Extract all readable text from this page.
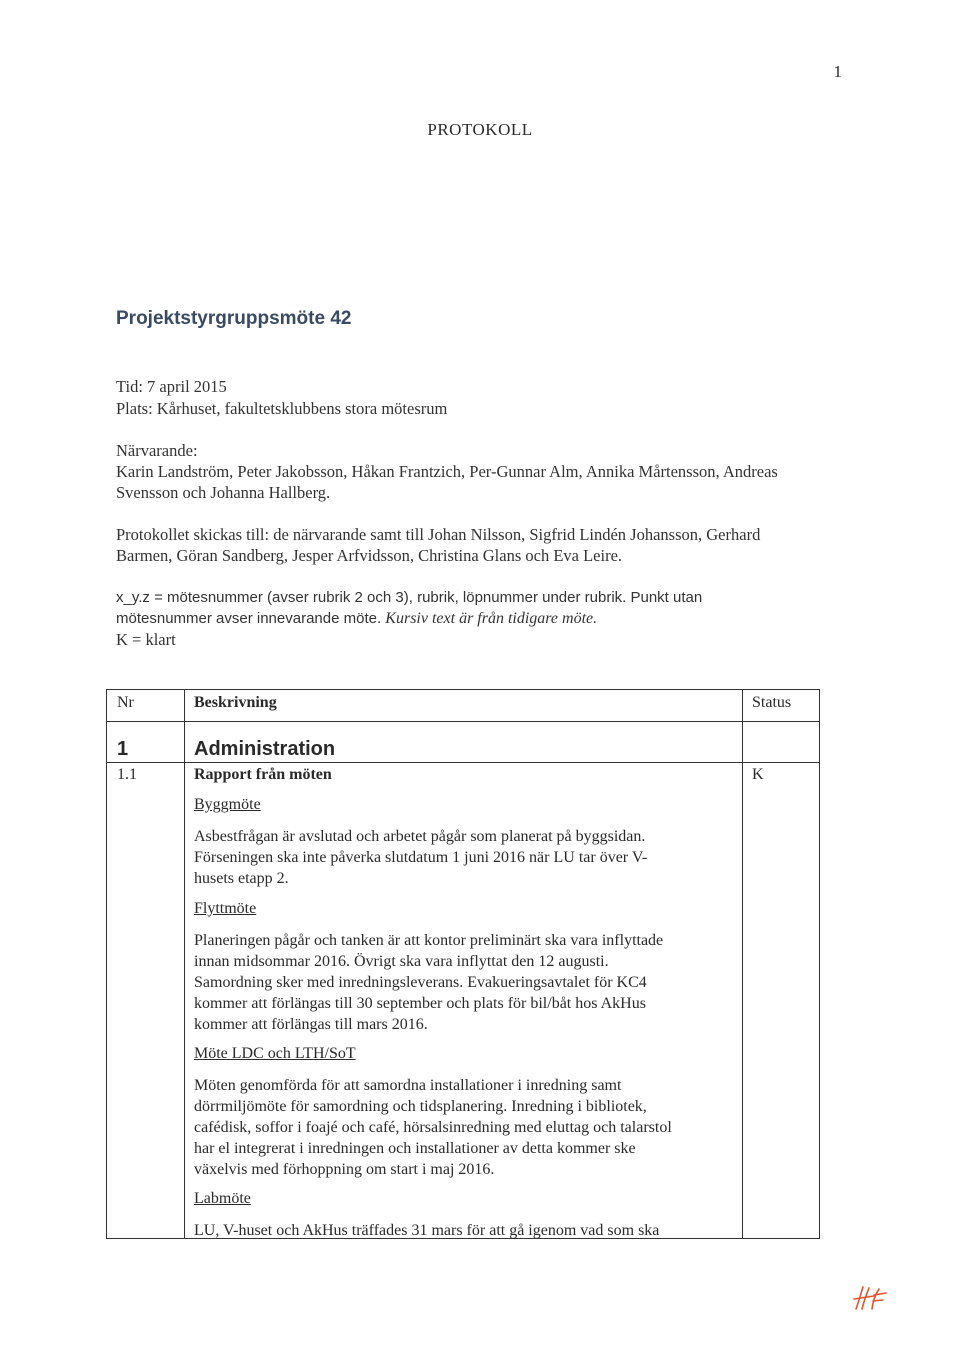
1
PROTOKOLL
Projektstyrgruppsmöte 42
Tid: 7 april 2015
Plats: Kårhuset, fakultetsklubbens stora mötesrum
Närvarande:
Karin Landström, Peter Jakobsson, Håkan Frantzich, Per-Gunnar Alm, Annika Mårtensson, Andreas
Svensson och Johanna Hallberg.
Protokollet skickas till: de närvarande samt till Johan Nilsson, Sigfrid Lindén Johansson, Gerhard
Barmen, Göran Sandberg, Jesper Arfvidsson, Christina Glans och Eva Leire.
x_y.z = mötesnummer (avser rubrik 2 och 3), rubrik, löpnummer under rubrik. Punkt utan
mötesnummer avser innevarande möte. Kursiv text är från tidigare möte.
K = klart
Nr	Beskrivning	Status
1	Administration
1.1	Rapport från möten	K
Byggmöte
Asbestfrågan är avslutad och arbetet pågår som planerat på byggsidan.
Förseningen ska inte påverka slutdatum 1 juni 2016 när LU tar över V-
husets etapp 2.
Flyttmöte
Planeringen pågår och tanken är att kontor preliminärt ska vara inflyttade
innan midsommar 2016. Övrigt ska vara inflyttat den 12 augusti.
Samordning sker med inredningsleverans. Evakueringsavtalet för KC4
kommer att förlängas till 30 september och plats för bil/båt hos AkHus
kommer att förlängas till mars 2016.
Möte LDC och LTH/SoT
Möten genomförda för att samordna installationer i inredning samt
dörrmiljömöte för samordning och tidsplanering. Inredning i bibliotek,
cafédisk, soffor i foajé och café, hörsalsinredning med eluttag och talarstol
har el integrerat i inredningen och installationer av detta kommer ske
växelvis med förhoppning om start i maj 2016.
Labmöte
LU, V-huset och AkHus träffades 31 mars för att gå igenom vad som ska
